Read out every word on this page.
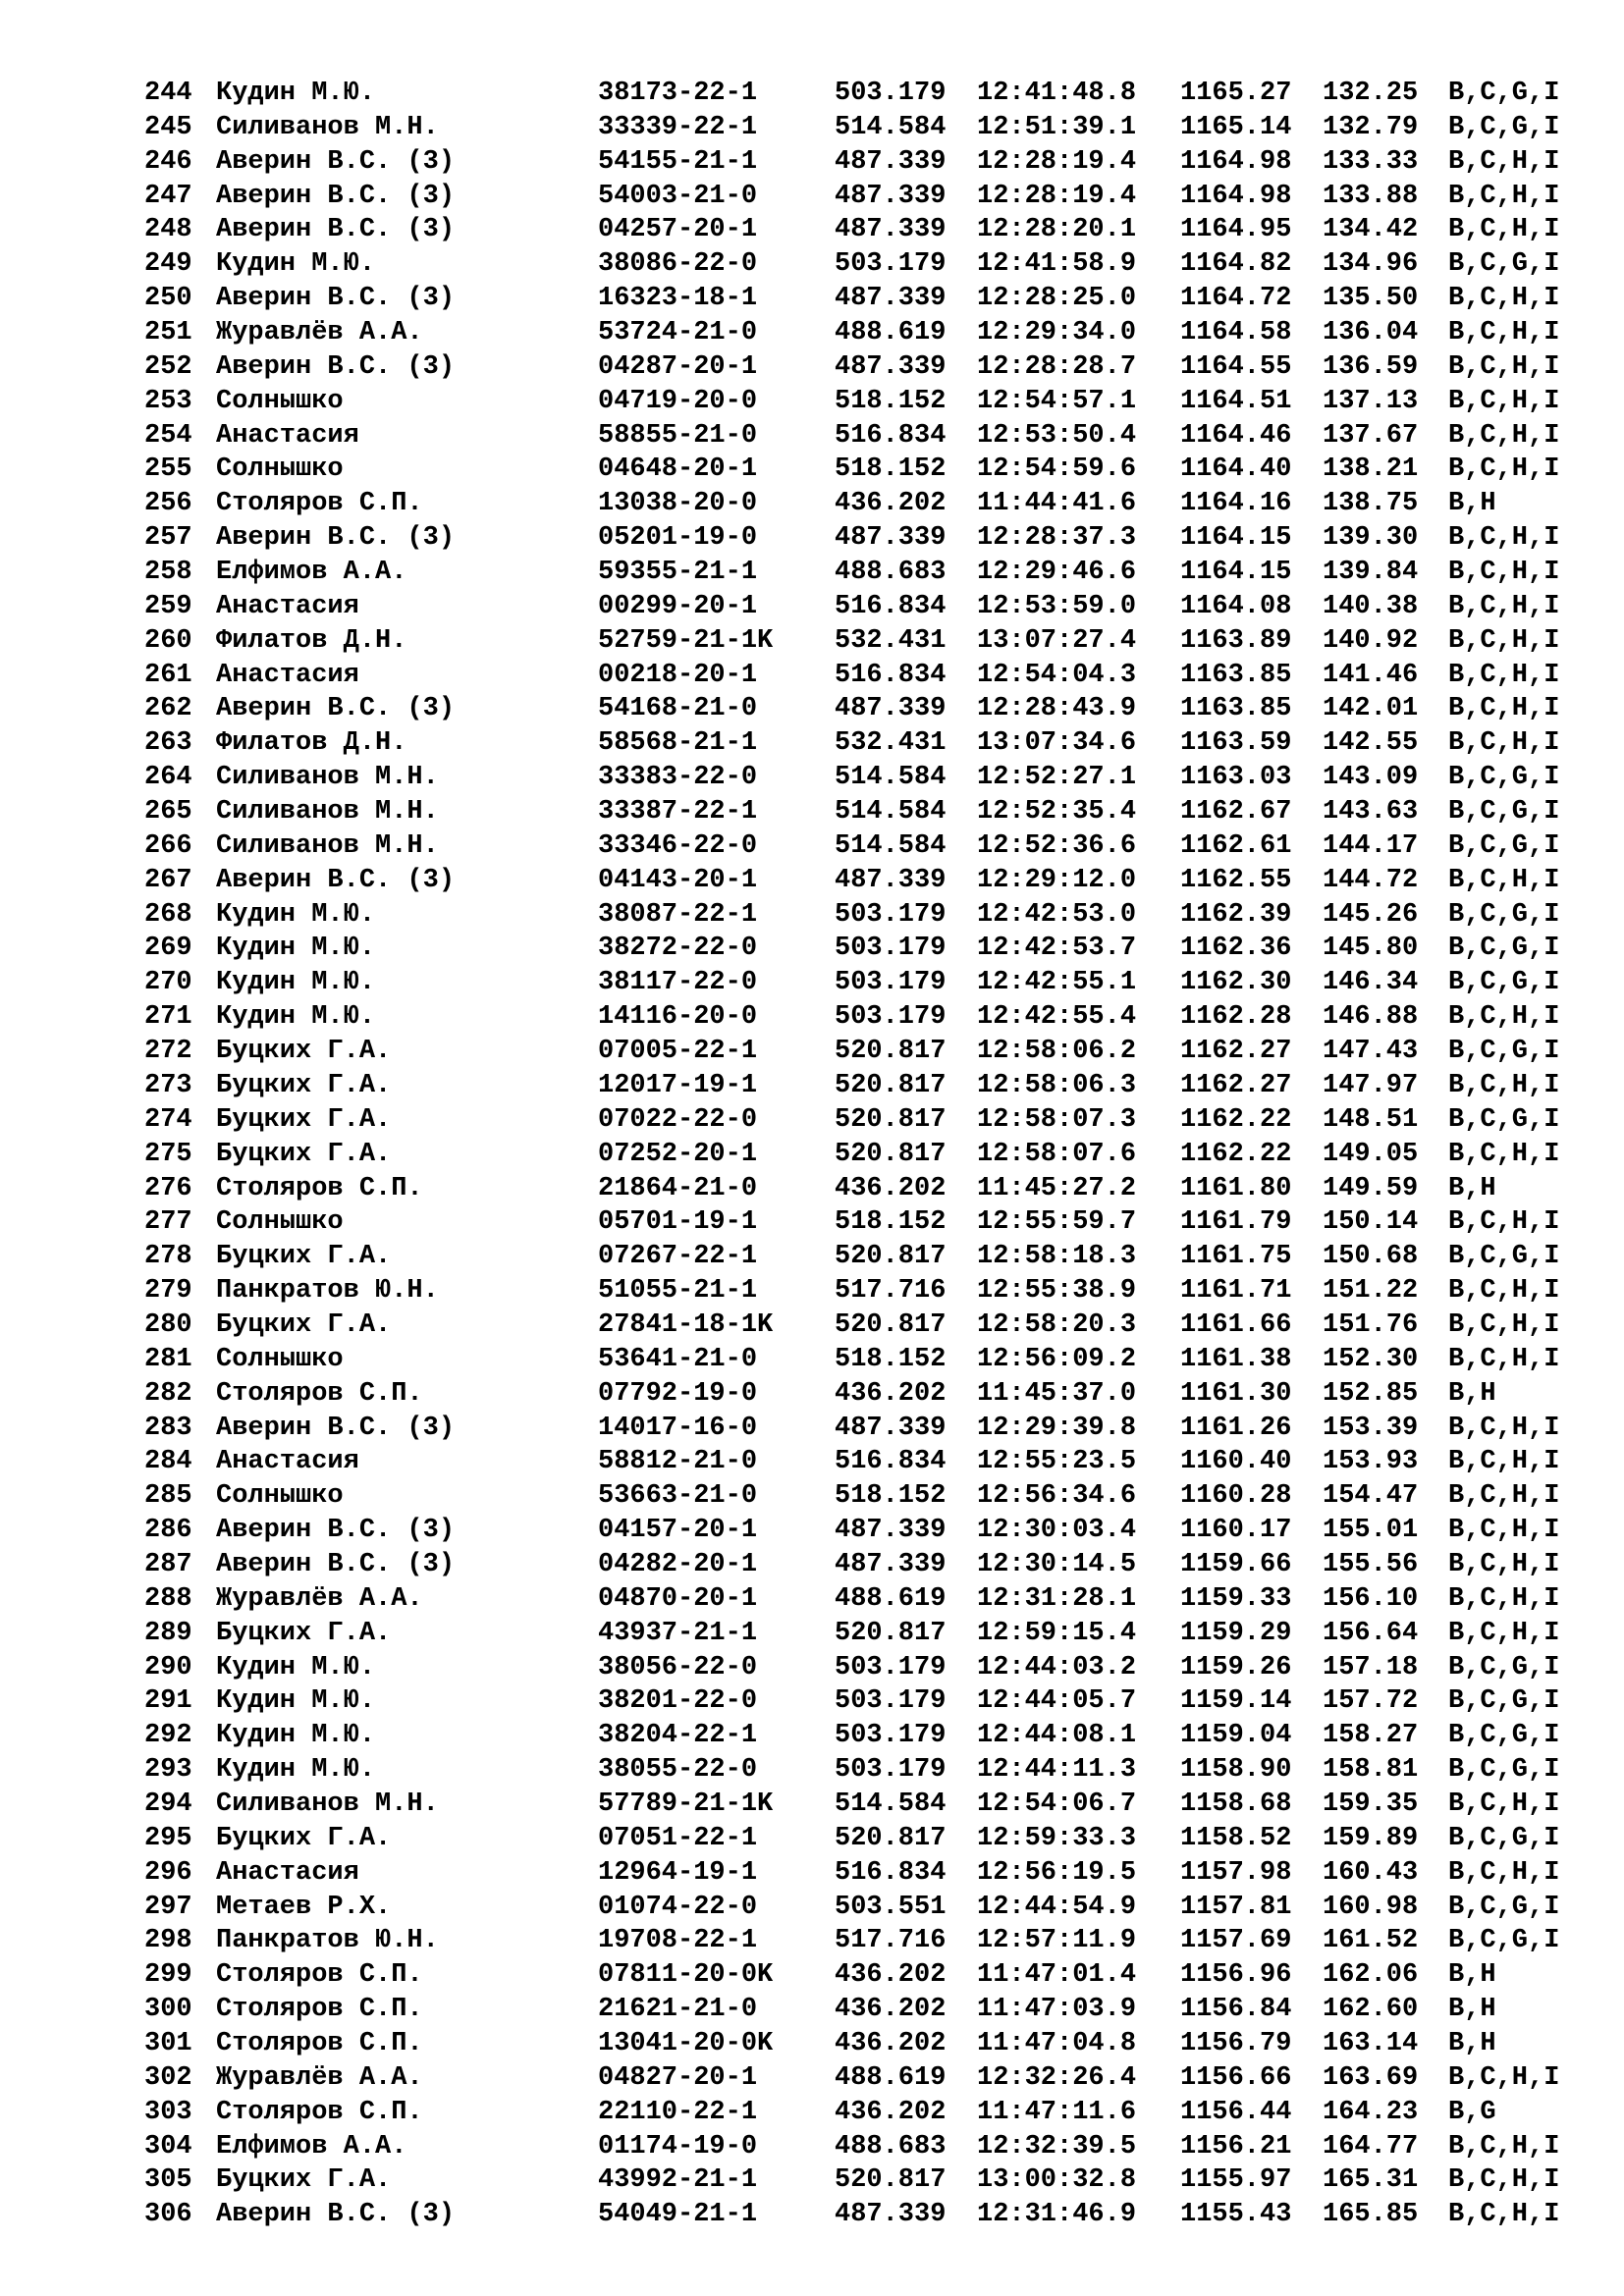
244 Кудин М.Ю.	38173-22-1	503.179 12:41:48.8 1165.27 132.25 B,C,G,I
245 Силиванов М.Н.	33339-22-1	514.584 12:51:39.1 1165.14 132.79 B,C,G,I
246 Аверин В.С. (3)	54155-21-1	487.339 12:28:19.4 1164.98 133.33 B,C,H,I
247 Аверин В.С. (3)	54003-21-0	487.339 12:28:19.4 1164.98 133.88 B,C,H,I
248 Аверин В.С. (3)	04257-20-1	487.339 12:28:20.1 1164.95 134.42 B,C,H,I
249 Кудин М.Ю.	38086-22-0	503.179 12:41:58.9 1164.82 134.96 B,C,G,I
250 Аверин В.С. (3)	16323-18-1	487.339 12:28:25.0 1164.72 135.50 B,C,H,I
251 Журавлёв А.А.	53724-21-0	488.619 12:29:34.0 1164.58 136.04 B,C,H,I
252 Аверин В.С. (3)	04287-20-1	487.339 12:28:28.7 1164.55 136.59 B,C,H,I
253 Солнышко	04719-20-0	518.152 12:54:57.1 1164.51 137.13 B,C,H,I
254 Анастасия	58855-21-0	516.834 12:53:50.4 1164.46 137.67 B,C,H,I
255 Солнышко	04648-20-1	518.152 12:54:59.6 1164.40 138.21 B,C,H,I
256 Столяров С.П.	13038-20-0	436.202 11:44:41.6 1164.16 138.75 B,H
257 Аверин В.С. (3)	05201-19-0	487.339 12:28:37.3 1164.15 139.30 B,C,H,I
258 Елфимов А.А.	59355-21-1	488.683 12:29:46.6 1164.15 139.84 B,C,H,I
259 Анастасия	00299-20-1	516.834 12:53:59.0 1164.08 140.38 B,C,H,I
260 Филатов Д.Н.	52759-21-1K 532.431 13:07:27.4 1163.89 140.92 B,C,H,I
261 Анастасия	00218-20-1	516.834 12:54:04.3 1163.85 141.46 B,C,H,I
262 Аверин В.С. (3)	54168-21-0	487.339 12:28:43.9 1163.85 142.01 B,C,H,I
263 Филатов Д.Н.	58568-21-1	532.431 13:07:34.6 1163.59 142.55 B,C,H,I
264 Силиванов М.Н.	33383-22-0	514.584 12:52:27.1 1163.03 143.09 B,C,G,I
265 Силиванов М.Н.	33387-22-1	514.584 12:52:35.4 1162.67 143.63 B,C,G,I
266 Силиванов М.Н.	33346-22-0	514.584 12:52:36.6 1162.61 144.17 B,C,G,I
267 Аверин В.С. (3)	04143-20-1	487.339 12:29:12.0 1162.55 144.72 B,C,H,I
268 Кудин М.Ю.	38087-22-1	503.179 12:42:53.0 1162.39 145.26 B,C,G,I
269 Кудин М.Ю.	38272-22-0	503.179 12:42:53.7 1162.36 145.80 B,C,G,I
270 Кудин М.Ю.	38117-22-0	503.179 12:42:55.1 1162.30 146.34 B,C,G,I
271 Кудин М.Ю.	14116-20-0	503.179 12:42:55.4 1162.28 146.88 B,C,H,I
272 Буцких Г.А.	07005-22-1	520.817 12:58:06.2 1162.27 147.43 B,C,G,I
273 Буцких Г.А.	12017-19-1	520.817 12:58:06.3 1162.27 147.97 B,C,H,I
274 Буцких Г.А.	07022-22-0	520.817 12:58:07.3 1162.22 148.51 B,C,G,I
275 Буцких Г.А.	07252-20-1	520.817 12:58:07.6 1162.22 149.05 B,C,H,I
276 Столяров С.П.	21864-21-0	436.202 11:45:27.2 1161.80 149.59 B,H
277 Солнышко	05701-19-1	518.152 12:55:59.7 1161.79 150.14 B,C,H,I
278 Буцких Г.А.	07267-22-1	520.817 12:58:18.3 1161.75 150.68 B,C,G,I
279 Панкратов Ю.Н.	51055-21-1	517.716 12:55:38.9 1161.71 151.22 B,C,H,I
280 Буцких Г.А.	27841-18-1K 520.817 12:58:20.3 1161.66 151.76 B,C,H,I
281 Солнышко	53641-21-0	518.152 12:56:09.2 1161.38 152.30 B,C,H,I
282 Столяров С.П.	07792-19-0	436.202 11:45:37.0 1161.30 152.85 B,H
283 Аверин В.С. (3)	14017-16-0	487.339 12:29:39.8 1161.26 153.39 B,C,H,I
284 Анастасия	58812-21-0	516.834 12:55:23.5 1160.40 153.93 B,C,H,I
285 Солнышко	53663-21-0	518.152 12:56:34.6 1160.28 154.47 B,C,H,I
286 Аверин В.С. (3)	04157-20-1	487.339 12:30:03.4 1160.17 155.01 B,C,H,I
287 Аверин В.С. (3)	04282-20-1	487.339 12:30:14.5 1159.66 155.56 B,C,H,I
288 Журавлёв А.А.	04870-20-1	488.619 12:31:28.1 1159.33 156.10 B,C,H,I
289 Буцких Г.А.	43937-21-1	520.817 12:59:15.4 1159.29 156.64 B,C,H,I
290 Кудин М.Ю.	38056-22-0	503.179 12:44:03.2 1159.26 157.18 B,C,G,I
291 Кудин М.Ю.	38201-22-0	503.179 12:44:05.7 1159.14 157.72 B,C,G,I
292 Кудин М.Ю.	38204-22-1	503.179 12:44:08.1 1159.04 158.27 B,C,G,I
293 Кудин М.Ю.	38055-22-0	503.179 12:44:11.3 1158.90 158.81 B,C,G,I
294 Силиванов М.Н.	57789-21-1K 514.584 12:54:06.7 1158.68 159.35 B,C,H,I
295 Буцких Г.А.	07051-22-1	520.817 12:59:33.3 1158.52 159.89 B,C,G,I
296 Анастасия	12964-19-1	516.834 12:56:19.5 1157.98 160.43 B,C,H,I
297 Метаев Р.Х.	01074-22-0	503.551 12:44:54.9 1157.81 160.98 B,C,G,I
298 Панкратов Ю.Н.	19708-22-1	517.716 12:57:11.9 1157.69 161.52 B,C,G,I
299 Столяров С.П.	07811-20-0K 436.202 11:47:01.4 1156.96 162.06 B,H
300 Столяров С.П.	21621-21-0	436.202 11:47:03.9 1156.84 162.60 B,H
301 Столяров С.П.	13041-20-0K 436.202 11:47:04.8 1156.79 163.14 B,H
302 Журавлёв А.А.	04827-20-1	488.619 12:32:26.4 1156.66 163.69 B,C,H,I
303 Столяров С.П.	22110-22-1	436.202 11:47:11.6 1156.44 164.23 B,G
304 Елфимов А.А.	01174-19-0	488.683 12:32:39.5 1156.21 164.77 B,C,H,I
305 Буцких Г.А.	43992-21-1	520.817 13:00:32.8 1155.97 165.31 B,C,H,I
306 Аверин В.С. (3)	54049-21-1	487.339 12:31:46.9 1155.43 165.85 B,C,H,I
